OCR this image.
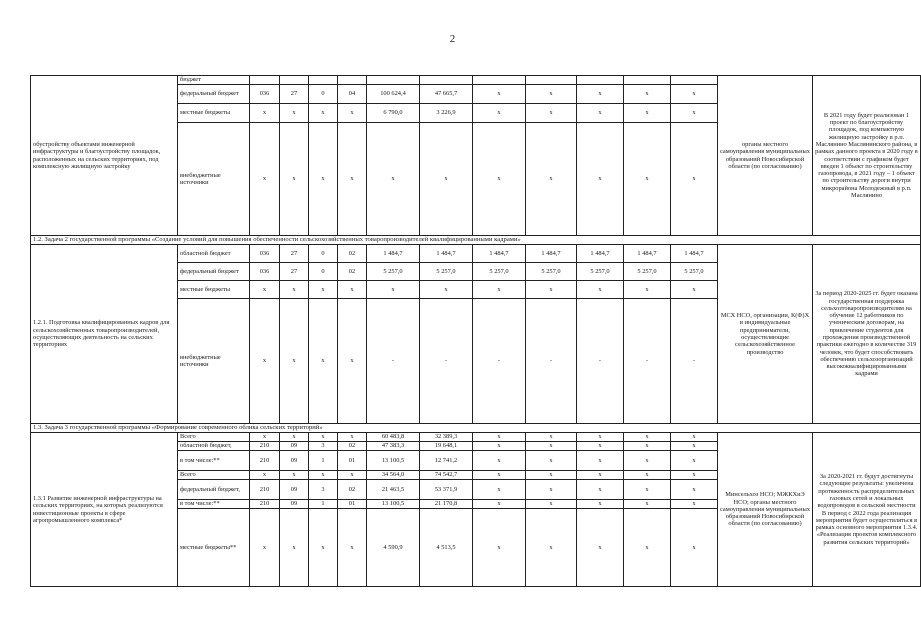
2
обустройству объектами инженерной инфраструктуры и благоустройству площадок, расположенных на сельских территориях, под комплексную жилищную застройку	бюджет												органы местного самоуправления муниципальных образований Новосибирской области (по согласованию)	В 2021 году будет реализован 1 проект по благоустройству площадок, под компактную жилищную застройку в р.п. Маслянино Маслянинского района, в рамках данного проекта в 2020 году в соответствии с графиком будет введен 1 объект по строительству газопровода, в 2021 году – 1 объект по строительству дороги внутри микрорайона Молодежный в р.п. Маслянино
	федеральный бюджет	036	27	0	04	100 624,4	47 665,7	x	x	x	x	x		
	местные бюджеты	x	x	x	x	6 790,0	3 226,9	x	x	x	x	x		
	внебюджетные источники	x	x	x	x	x	x	x	x	x	x	x		
1.2. Задача 2 государственной программы «Создание условий для повышения обеспеченности сельскохозяйственных товаропроизводителей квалифицированными кадрами»														
1.2.1. Подготовка квалифицированных кадров для сельскохозяйственных товаропроизводителей, осуществляющих деятельность на сельских территориях	областной бюджет	036	27	0	02	1 484,7	1 484,7	1 484,7	1 484,7	1 484,7	1 484,7	1 484,7	МСХ НСО, организации, К(Ф)Х и индивидуальные предприниматели, осуществляющие сельскохозяйственное производство	За период 2020-2025 гг. будет оказана государственная поддержка сельхозтоваропроизводителям на обучение 12 работников по ученическим договорам, на привлечение студентов для прохождения производственной практики ежегодно в количестве 319 человек, что будет способствовать обеспечению сельхозорганизаций высококвалифицированными кадрами
	федеральный бюджет	036	27	0	02	5 257,0	5 257,0	5 257,0	5 257,0	5 257,0	5 257,0	5 257,0		
	местные бюджеты	x	x	x	x	x	x	x	x	x	x	x		
	внебюджетные источники	x	x	x	x	-	-	-	-	-	-	-		
1.3. Задача 3 государственной программы «Формирование современного облика сельских территорий»														
1.3.1 Развитие инженерной инфраструктуры на сельских территориях, на которых реализуются инвестиционные проекты в сфере агропромышленного комплекса*	Всего	x	x	x	x	60 483,8	32 389,3	x	x	x	x	x	Минсельхоз НСО; МЖКХиЭ НСО; органы местного самоуправления муниципальных образований Новосибирской области (по согласованию)	За 2020-2021 гг. будут достигнуты следующие результаты: увеличена протяженность распределительных газовых сетей и локальных водопроводов в сельской местности
В период с 2022 года реализация мероприятия будет осуществляться в рамках основного мероприятия 1.3.4. «Реализация проектов комплексного развития сельских территорий»
	областной бюджет,	210	09	3	02	47 383,3	19 648,1	x	x	x	x	x		
	в том числе:**	210	09	1	01	13 100,5	12 741,2	x	x	x	x	x		
	Всего	x	x	x	x	34 564,0	74 542,7	x	x	x	x	x		
	федеральный бюджет,	210	09	3	02	21 463,5	53 371,9	x	x	x	x	x		
	в том числе:**	210	09	1	01	13 100,5	21 170,8	x	x	x	x	x		
	местные бюджеты**	x	x	x	x	4 590,9	4 513,5	x	x	x	x	x		
